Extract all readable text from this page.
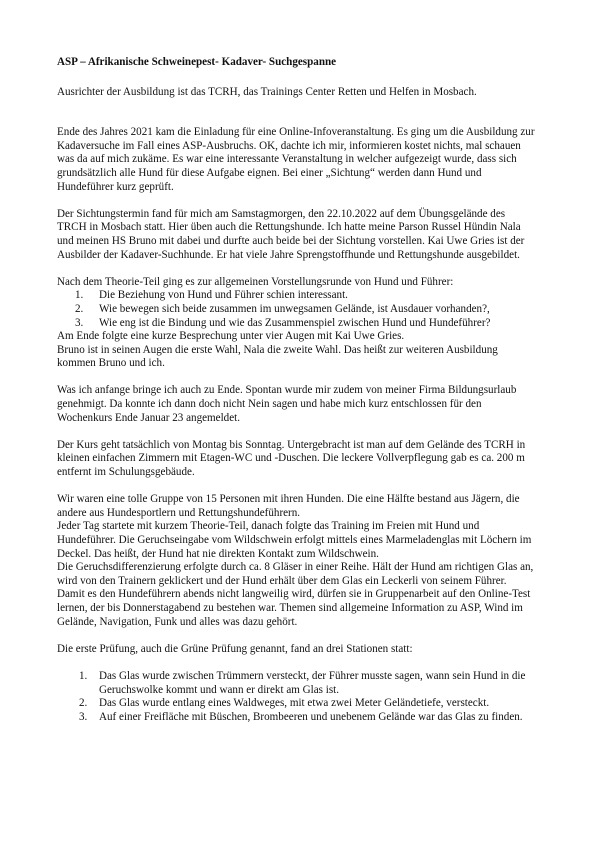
ASP – Afrikanische Schweinepest- Kadaver- Suchgespanne

Ausrichter der Ausbildung ist das TCRH, das Trainings Center Retten und Helfen in Mosbach.

Ende des Jahres 2021 kam die Einladung für eine Online-Infoveranstaltung. Es ging um die Ausbildung zur Kadaversuche im Fall eines ASP-Ausbruchs. OK, dachte ich mir, informieren kostet nichts, mal schauen was da auf mich zukäme. Es war eine interessante Veranstaltung in welcher aufgezeigt wurde, dass sich grundsätzlich alle Hund für diese Aufgabe eignen. Bei einer „Sichtung“ werden dann Hund und Hundeführer kurz geprüft.

Der Sichtungstermin fand für mich am Samstagmorgen, den 22.10.2022 auf dem Übungsgelände des TRCH in Mosbach statt. Hier üben auch die Rettungshunde. Ich hatte meine Parson Russel Hündin Nala und meinen HS Bruno mit dabei und durfte auch beide bei der Sichtung vorstellen. Kai Uwe Gries ist der Ausbilder der Kadaver-Suchhunde. Er hat viele Jahre Sprengstoffhunde und Rettungshunde ausgebildet.

Nach dem Theorie-Teil ging es zur allgemeinen Vorstellungsrunde von Hund und Führer:

1. Die Beziehung von Hund und Führer schien interessant.
2. Wie bewegen sich beide zusammen im unwegsamen Gelände, ist Ausdauer vorhanden?,
3. Wie eng ist die Bindung und wie das Zusammenspiel zwischen Hund und Hundeführer?

Am Ende folgte eine kurze Besprechung unter vier Augen mit Kai Uwe Gries.

Bruno ist in seinen Augen die erste Wahl, Nala die zweite Wahl. Das heißt zur weiteren Ausbildung kommen Bruno und ich.

Was ich anfange bringe ich auch zu Ende. Spontan wurde mir zudem von meiner Firma Bildungsurlaub genehmigt. Da konnte ich dann doch nicht Nein sagen und habe mich kurz entschlossen für den Wochenkurs Ende Januar 23 angemeldet.

Der Kurs geht tatsächlich von Montag bis Sonntag. Untergebracht ist man auf dem Gelände des TCRH in kleinen einfachen Zimmern mit Etagen-WC und -Duschen. Die leckere Vollverpflegung gab es ca. 200 m entfernt im Schulungsgebäude.

Wir waren eine tolle Gruppe von 15 Personen mit ihren Hunden. Die eine Hälfte bestand aus Jägern, die andere aus Hundesportlern und Rettungshundeführern.

Jeder Tag startete mit kurzem Theorie-Teil, danach folgte das Training im Freien mit Hund und Hundeführer. Die Geruchseingabe vom Wildschwein erfolgt mittels eines Marmeladenglas mit Löchern im Deckel. Das heißt, der Hund hat nie direkten Kontakt zum Wildschwein.

Die Geruchsdifferenzierung erfolgte durch ca. 8 Gläser in einer Reihe. Hält der Hund am richtigen Glas an, wird von den Trainern geklickert und der Hund erhält über dem Glas ein Leckerli von seinem Führer.

Damit es den Hundeführern abends nicht langweilig wird, dürfen sie in Gruppenarbeit auf den Online-Test lernen, der bis Donnerstagabend zu bestehen war. Themen sind allgemeine Information zu ASP, Wind im Gelände, Navigation, Funk und alles was dazu gehört.

Die erste Prüfung, auch die Grüne Prüfung genannt, fand an drei Stationen statt:

1. Das Glas wurde zwischen Trümmern versteckt, der Führer musste sagen, wann sein Hund in die Geruchswolke kommt und wann er direkt am Glas ist.
2. Das Glas wurde entlang eines Waldweges, mit etwa zwei Meter Geländetiefe, versteckt.
3. Auf einer Freifläche mit Büschen, Brombeeren und unebenem Gelände war das Glas zu finden.
